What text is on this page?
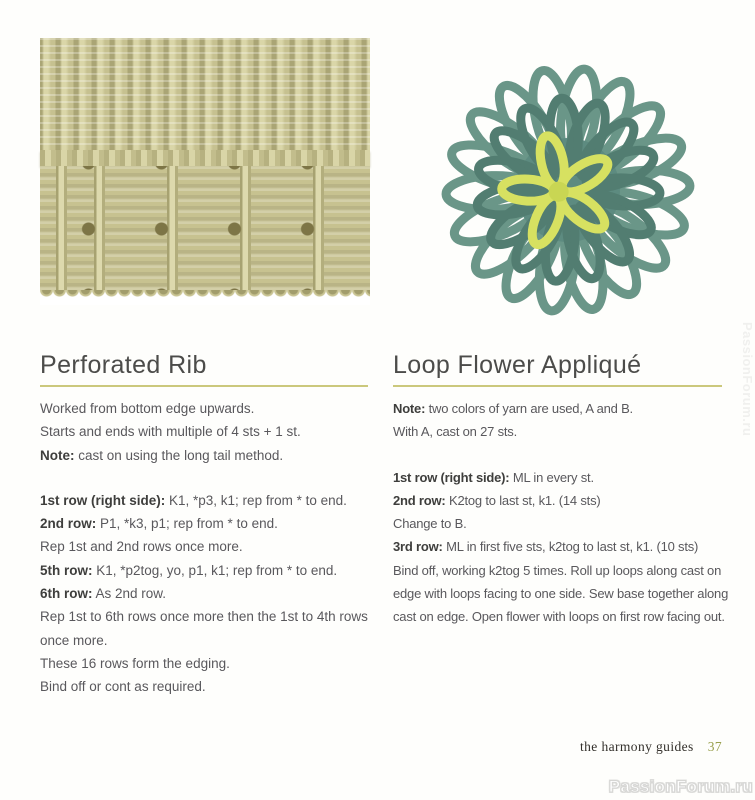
Perforated Rib	Loop Flower Appliqué
Worked from bottom edge upwards.
Starts and ends with multiple of 4 sts + 1 st.
Note: cast on using the long tail method.
1st row (right side): K1, *p3, k1; rep from * to end.
2nd row: P1, *k3, p1; rep from * to end.
Rep 1st and 2nd rows once more.
5th row: K1, *p2tog, yo, p1, k1; rep from * to end.
6th row: As 2nd row.
Rep 1st to 6th rows once more then the 1st to 4th rows once more.
These 16 rows form the edging.
Bind off or cont as required.
Note: two colors of yarn are used, A and B.
With A, cast on 27 sts.
1st row (right side): ML in every st.
2nd row: K2tog to last st, k1. (14 sts)
Change to B.
3rd row: ML in first five sts, k2tog to last st, k1. (10 sts)
Bind off, working k2tog 5 times. Roll up loops along cast on edge with loops facing to one side. Sew base together along cast on edge. Open flower with loops on first row facing out.
the harmony guides 37
PassionForum.ru
PassionForum.ru
